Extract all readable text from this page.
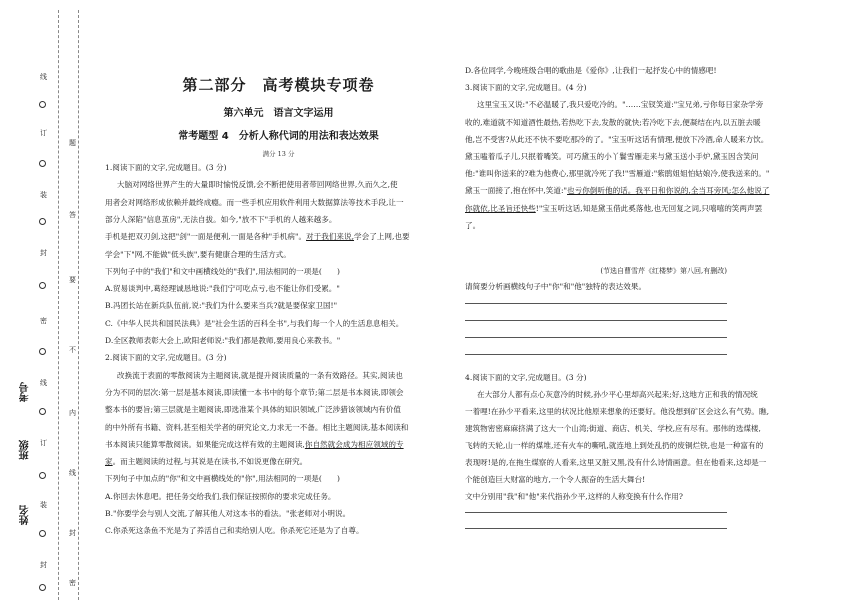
姓名
班级
考号
线
订
装
封
密
线
订
装
封
题
答
要
不
内
线
封
密
第二部分　高考模块专项卷
第六单元　语言文字运用
常考题型 4　分析人称代词的用法和表达效果
满分 13 分
1.阅读下面的文字,完成题目。(3 分)
大脑对网络世界产生的大量即时愉悦反馈,会不断把使用者带回网络世界,久而久之,使
用者会对网络形成依赖并最终成瘾。而一些手机应用软件利用大数据算法等技术手段,让一
部分人深陷"信息茧房",无法自拔。如今,"放不下"手机的人越来越多。
手机是把双刃剑,这把"剑"一面是便利,一面是各种"手机病"。对于我们来说,学会了上网,也要
学会"下"网,不能做"低头族",要有健康合理的生活方式。
下列句子中的"我们"和文中画横线处的"我们",用法相同的一项是(　　)
A.贸易谈判中,葛经理诚恳地说:"我们宁可吃点亏,也不能让你们受累。"
B.冯团长站在新兵队伍前,说:"我们为什么要来当兵?就是要保家卫国!"
C.《中华人民共和国民法典》是"社会生活的百科全书",与我们每一个人的生活息息相关。
D.全区教师表彰大会上,欧阳老师说:"我们都是教师,要用良心来教书。"
2.阅读下面的文字,完成题目。(3 分)
改换流于表面的零散阅读为主题阅读,就是提升阅读质量的一条有效路径。其实,阅读也
分为不同的层次:第一层是基本阅读,即读懂一本书中的每个章节;第二层是书本阅读,即领会
整本书的要旨;第三层就是主题阅读,即选准某个具体的知识领域,广泛涉猎该领域内有价值
的中外所有书籍、资料,甚至相关学者的研究论文,力求无一不备。相比主题阅读,基本阅读和
书本阅读只能算零散阅读。如果能完成这样有效的主题阅读,你自然就会成为相应领域的专
家。而主题阅读的过程,与其说是在读书,不如说更像在研究。
下列句子中加点的"你"和文中画横线处的"你",用法相同的一项是(　　)
A.你回去休息吧。把任务交给我们,我们保证按照你的要求完成任务。
B."你要学会与别人交流,了解其他人对这本书的看法。"张老师对小明说。
C.你杀死这条鱼不光是为了养活自己和卖给别人吃。你杀死它还是为了自尊。
D.各位同学,今晚班级合唱的歌曲是《爱你》,让我们一起抒发心中的情感吧!
3.阅读下面的文字,完成题目。(4 分)
这里宝玉又说:"不必温暖了,我只爱吃冷的。"……宝钗笑道:"宝兄弟,亏你每日家杂学旁
收的,难道就不知道酒性最热,若热吃下去,发散的就快;若冷吃下去,便凝结在内,以五脏去暖
他,岂不受害?从此还不快不要吃那冷的了。"宝玉听这话有情理,便放下冷酒,命人暖来方饮。
黛玉嗑着瓜子儿,只抿着嘴笑。可巧黛玉的小丫鬟雪雁走来与黛玉送小手炉,黛玉因含笑问
他:"谁叫你送来的?难为他费心,那里就冷死了我!"雪雁道:"紫鹃姐姐怕姑娘冷,使我送来的。"
黛玉一面接了,抱在怀中,笑道:"也亏你倒听他的话。我平日和你说的,全当耳旁风;怎么他说了
你就依,比圣旨还快些!"宝玉听这话,知是黛玉借此奚落他,也无回复之词,只嘻嘻的笑两声罢
了。
(节选自曹雪芹《红楼梦》第八回,有删改)
请简要分析画横线句子中"你"和"他"独特的表达效果。
4.阅读下面的文字,完成题目。(3 分)
在大部分人都有点心灰意冷的时候,孙少平心里却高兴起来;好,这地方正和我的情况统
一着哩!在孙少平看来,这里的状况比他原来想象的还要好。他没想到矿区会这么有气势。瞧,
建筑物密密麻麻挤满了这大一个山湾;街道、商店、机关、学校,应有尽有。那伟的选煤楼,
飞转的天轮,山一样的煤堆,还有火车的嘶吼,就连地上到处乱扔的废铜烂铁,也是一种富有的
表现呀!是的,在拖生煤察的人看来,这里又脏又黑,没有什么诗情画意。但在他看来,这却是一
个能创造巨大财富的地方,一个令人振奋的生活大舞台!
文中分别用"我"和"他"来代指孙少平,这样的人称变换有什么作用?
